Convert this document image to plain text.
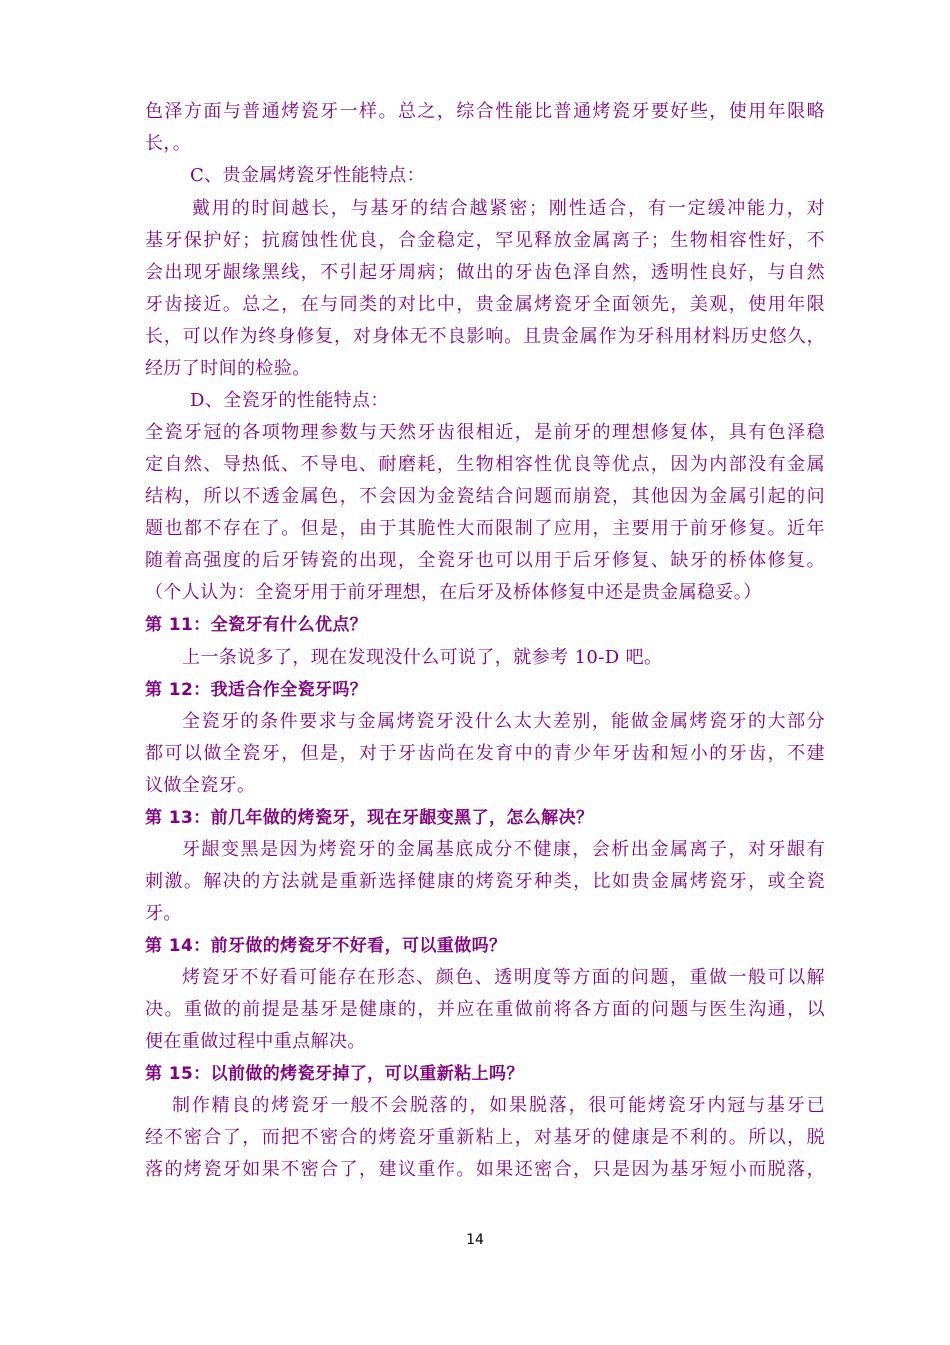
色泽方面与普通烤瓷牙一样。总之，综合性能比普通烤瓷牙要好些，使用年限略
长，。
C、贵金属烤瓷牙性能特点：
戴用的时间越长，与基牙的结合越紧密；刚性适合，有一定缓冲能力，对
基牙保护好；抗腐蚀性优良，合金稳定，罕见释放金属离子；生物相容性好，不
会出现牙龈缘黑线，不引起牙周病；做出的牙齿色泽自然，透明性良好，与自然
牙齿接近。总之，在与同类的对比中，贵金属烤瓷牙全面领先，美观，使用年限
长，可以作为终身修复，对身体无不良影响。且贵金属作为牙科用材料历史悠久，
经历了时间的检验。
D、全瓷牙的性能特点：
全瓷牙冠的各项物理参数与天然牙齿很相近，是前牙的理想修复体，具有色泽稳
定自然、导热低、不导电、耐磨耗，生物相容性优良等优点，因为内部没有金属
结构，所以不透金属色，不会因为金瓷结合问题而崩瓷，其他因为金属引起的问
题也都不存在了。但是，由于其脆性大而限制了应用，主要用于前牙修复。近年
随着高强度的后牙铸瓷的出现，全瓷牙也可以用于后牙修复、缺牙的桥体修复。
（个人认为：全瓷牙用于前牙理想，在后牙及桥体修复中还是贵金属稳妥。）
第 11：全瓷牙有什么优点？
上一条说多了，现在发现没什么可说了，就参考 10-D 吧。
第 12：我适合作全瓷牙吗？
全瓷牙的条件要求与金属烤瓷牙没什么太大差别，能做金属烤瓷牙的大部分
都可以做全瓷牙，但是，对于牙齿尚在发育中的青少年牙齿和短小的牙齿，不建
议做全瓷牙。
第 13：前几年做的烤瓷牙，现在牙龈变黑了，怎么解决？
牙龈变黑是因为烤瓷牙的金属基底成分不健康，会析出金属离子，对牙龈有
刺激。解决的方法就是重新选择健康的烤瓷牙种类，比如贵金属烤瓷牙，或全瓷
牙。
第 14：前牙做的烤瓷牙不好看，可以重做吗？
烤瓷牙不好看可能存在形态、颜色、透明度等方面的问题，重做一般可以解
决。重做的前提是基牙是健康的，并应在重做前将各方面的问题与医生沟通，以
便在重做过程中重点解决。
第 15：以前做的烤瓷牙掉了，可以重新粘上吗？
制作精良的烤瓷牙一般不会脱落的，如果脱落，很可能烤瓷牙内冠与基牙已
经不密合了，而把不密合的烤瓷牙重新粘上，对基牙的健康是不利的。所以，脱
落的烤瓷牙如果不密合了，建议重作。如果还密合，只是因为基牙短小而脱落，
14
